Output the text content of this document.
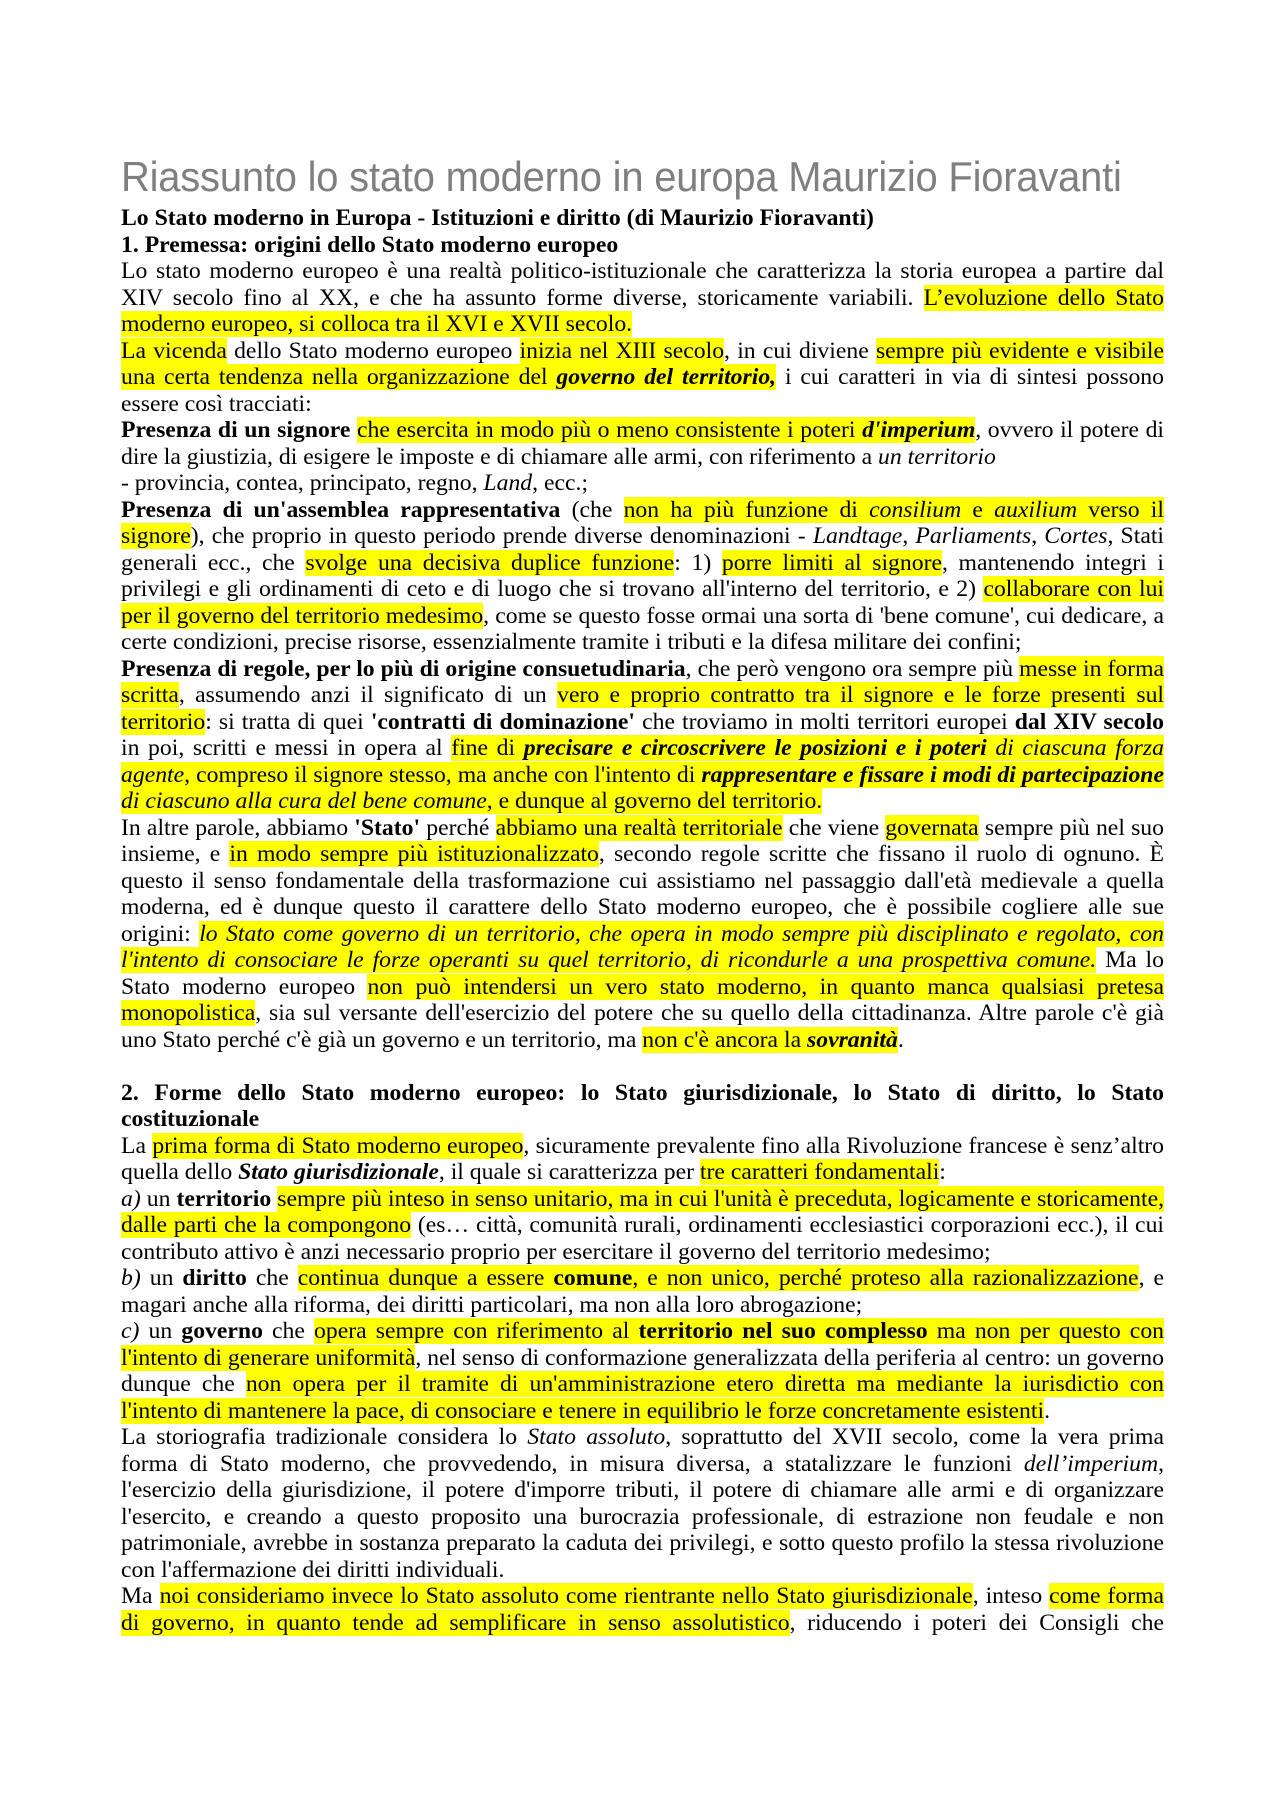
Riassunto lo stato moderno in europa Maurizio Fioravanti

Lo Stato moderno in Europa - Istituzioni e diritto (di Maurizio Fioravanti)

1. Premessa: origini dello Stato moderno europeo

Lo stato moderno europeo è una realtà politico-istituzionale che caratterizza la storia europea a partire dal XIV secolo fino al XX, e che ha assunto forme diverse, storicamente variabili. L’evoluzione dello Stato moderno europeo, si colloca tra il XVI e XVII secolo.

La vicenda dello Stato moderno europeo inizia nel XIII secolo, in cui diviene sempre più evidente e visibile una certa tendenza nella organizzazione del governo del territorio, i cui caratteri in via di sintesi possono essere così tracciati:

Presenza di un signore che esercita in modo più o meno consistente i poteri d'imperium, ovvero il potere di dire la giustizia, di esigere le imposte e di chiamare alle armi, con riferimento a un territorio

- provincia, contea, principato, regno, Land, ecc.;

Presenza di un'assemblea rappresentativa (che non ha più funzione di consilium e auxilium verso il signore), che proprio in questo periodo prende diverse denominazioni - Landtage, Parliaments, Cortes, Stati generali ecc., che svolge una decisiva duplice funzione: 1) porre limiti al signore, mantenendo integri i privilegi e gli ordinamenti di ceto e di luogo che si trovano all'interno del territorio, e 2) collaborare con lui per il governo del territorio medesimo, come se questo fosse ormai una sorta di 'bene comune', cui dedicare, a certe condizioni, precise risorse, essenzialmente tramite i tributi e la difesa militare dei confini;

Presenza di regole, per lo più di origine consuetudinaria, che però vengono ora sempre più messe in forma scritta, assumendo anzi il significato di un vero e proprio contratto tra il signore e le forze presenti sul territorio: si tratta di quei 'contratti di dominazione' che troviamo in molti territori europei dal XIV secolo in poi, scritti e messi in opera al fine di precisare e circoscrivere le posizioni e i poteri di ciascuna forza agente, compreso il signore stesso, ma anche con l'intento di rappresentare e fissare i modi di partecipazione di ciascuno alla cura del bene comune, e dunque al governo del territorio.

In altre parole, abbiamo 'Stato' perché abbiamo una realtà territoriale che viene governata sempre più nel suo insieme, e in modo sempre più istituzionalizzato, secondo regole scritte che fissano il ruolo di ognuno. È questo il senso fondamentale della trasformazione cui assistiamo nel passaggio dall'età medievale a quella moderna, ed è dunque questo il carattere dello Stato moderno europeo, che è possibile cogliere alle sue origini: lo Stato come governo di un territorio, che opera in modo sempre più disciplinato e regolato, con l'intento di consociare le forze operanti su quel territorio, di ricondurle a una prospettiva comune. Ma lo Stato moderno europeo non può intendersi un vero stato moderno, in quanto manca qualsiasi pretesa monopolistica, sia sul versante dell'esercizio del potere che su quello della cittadinanza. Altre parole c'è già uno Stato perché c'è già un governo e un territorio, ma non c'è ancora la sovranità.

2. Forme dello Stato moderno europeo: lo Stato giurisdizionale, lo Stato di diritto, lo Stato costituzionale

La prima forma di Stato moderno europeo, sicuramente prevalente fino alla Rivoluzione francese è senz’altro quella dello Stato giurisdizionale, il quale si caratterizza per tre caratteri fondamentali:

a) un territorio sempre più inteso in senso unitario, ma in cui l'unità è preceduta, logicamente e storicamente, dalle parti che la compongono (es… città, comunità rurali, ordinamenti ecclesiastici corporazioni ecc.), il cui contributo attivo è anzi necessario proprio per esercitare il governo del territorio medesimo;

b) un diritto che continua dunque a essere comune, e non unico, perché proteso alla razionalizzazione, e magari anche alla riforma, dei diritti particolari, ma non alla loro abrogazione;

c) un governo che opera sempre con riferimento al territorio nel suo complesso ma non per questo con l'intento di generare uniformità, nel senso di conformazione generalizzata della periferia al centro: un governo dunque che non opera per il tramite di un'amministrazione etero diretta ma mediante la iurisdictio con l'intento di mantenere la pace, di consociare e tenere in equilibrio le forze concretamente esistenti.

La storiografia tradizionale considera lo Stato assoluto, soprattutto del XVII secolo, come la vera prima forma di Stato moderno, che provvedendo, in misura diversa, a statalizzare le funzioni dell’imperium, l'esercizio della giurisdizione, il potere d'imporre tributi, il potere di chiamare alle armi e di organizzare l'esercito, e creando a questo proposito una burocrazia professionale, di estrazione non feudale e non patrimoniale, avrebbe in sostanza preparato la caduta dei privilegi, e sotto questo profilo la stessa rivoluzione con l'affermazione dei diritti individuali.

Ma noi consideriamo invece lo Stato assoluto come rientrante nello Stato giurisdizionale, inteso come forma di governo, in quanto tende ad semplificare in senso assolutistico, riducendo i poteri dei Consigli che
